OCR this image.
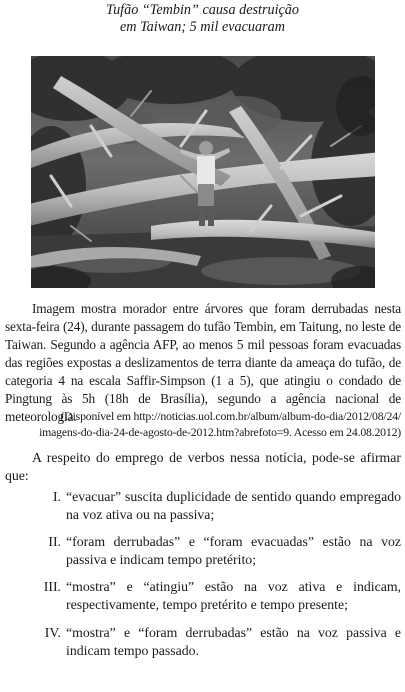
Tufão “Tembin” causa destruição
em Taiwan; 5 mil evacuaram

Imagem mostra morador entre árvores que foram derrubadas nesta sexta-feira (24), durante passagem do tufão Tembin, em Taitung, no leste de Taiwan. Segundo a agência AFP, ao menos 5 mil pessoas foram evacuadas das regiões expostas a deslizamentos de terra diante da ameaça do tufão, de categoria 4 na escala Saffir-Simpson (1 a 5), que atingiu o condado de Pingtung às 5h (18h de Brasília), segundo a agência nacional de meteorologia.

(Disponível em http://noticias.uol.com.br/album/album-do-dia/2012/08/24/
imagens-do-dia-24-de-agosto-de-2012.htm?abrefoto=9. Acesso em 24.08.2012)

A respeito do emprego de verbos nessa notícia, pode-se afirmar que:

I. “evacuar” suscita duplicidade de sentido quando empregado na voz ativa ou na passiva;
II. “foram derrubadas” e “foram evacuadas” estão na voz passiva e indicam tempo pretérito;
III. “mostra” e “atingiu” estão na voz ativa e indicam, respectivamente, tempo pretérito e tempo presente;
IV. “mostra” e “foram derrubadas” estão na voz passiva e indicam tempo passado.
